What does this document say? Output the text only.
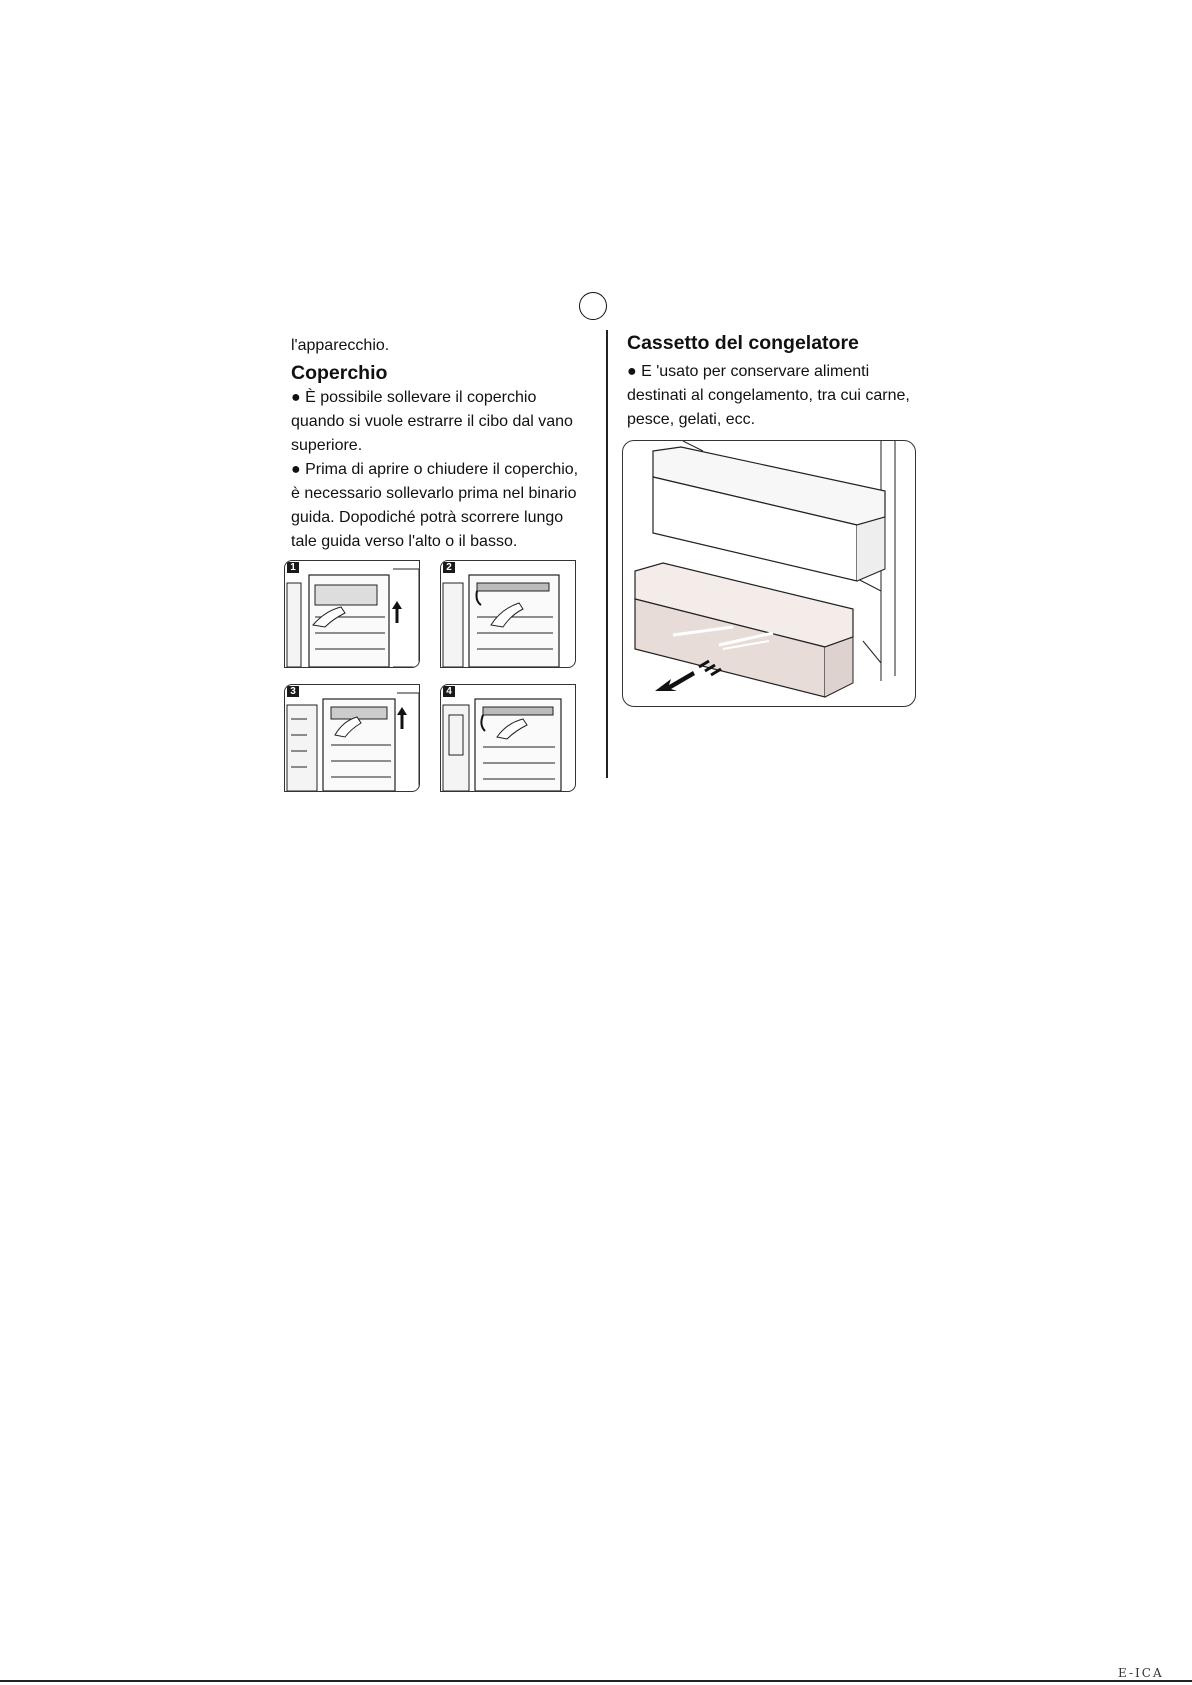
l'apparecchio.

Coperchio

● È possibile sollevare il coperchio

quando si vuole estrarre il cibo dal vano

superiore.

● Prima di aprire o chiudere il coperchio,

è necessario sollevarlo prima nel binario

guida. Dopodiché potrà scorrere lungo

tale guida verso l'alto o il basso.

1	2
3	4

Cassetto del congelatore

● E 'usato per conservare alimenti

destinati al congelamento, tra cui carne,

pesce, gelati, ecc.

E-ICA
